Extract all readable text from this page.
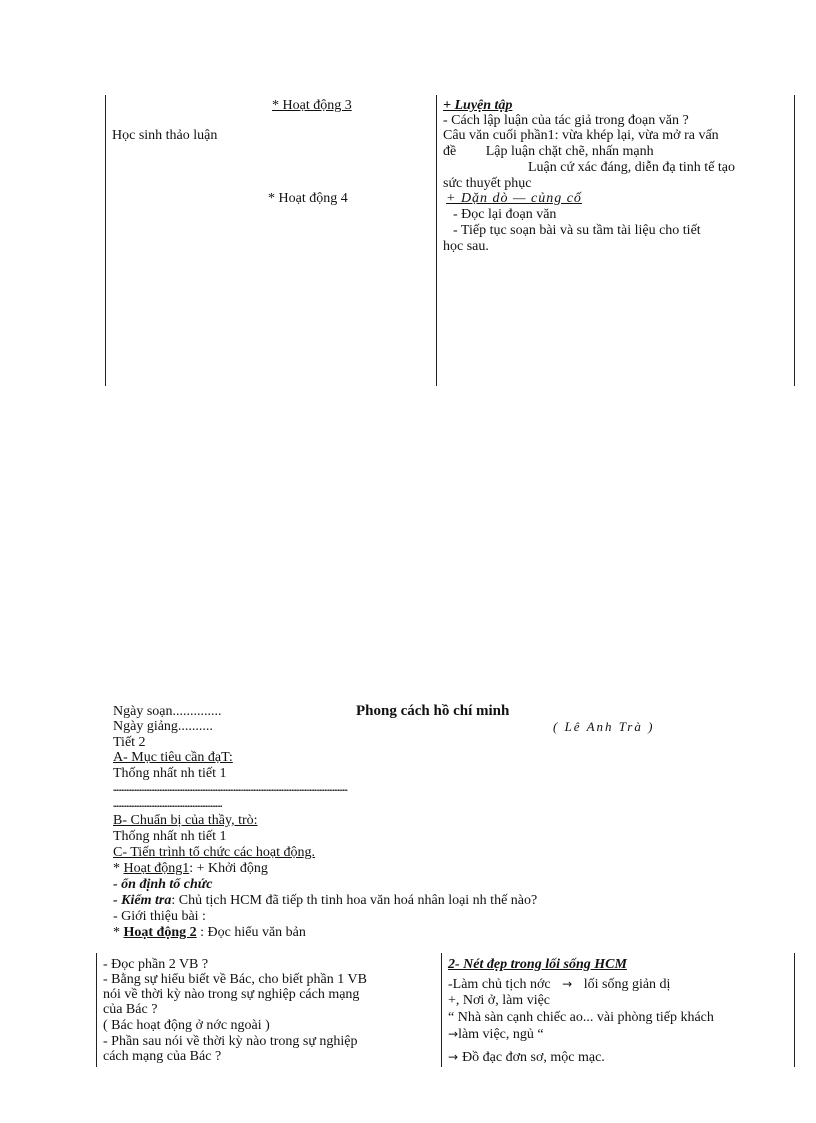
* Hoạt động 3
Học sinh thảo luận
* Hoạt động 4
+ Luyện tập
- Cách lập luận của tác giả trong đoạn văn ?
Câu văn cuối phần1: vừa khép lại, vừa mở ra vấn
đề Lập luận chặt chẽ, nhấn mạnh
Luận cứ xác đáng, diễn đạ tinh tế tạo
sức thuyết phục
+ Dặn dò — củng cố
- Đọc lại đoạn văn
- Tiếp tục soạn bài và su tầm tài liệu cho tiết
học sau.
Ngày soạn..............	Phong cách hồ chí minh
Ngày giảng..........	( Lê Anh Trà )
Tiết 2
A- Mục tiêu cần đạT:
Thống nhất nh tiết 1
..............................................................................................................................................
..................................................................
B- Chuẩn bị của thầy, trò:
Thống nhất nh tiết 1
C- Tiến trình tổ chức các hoạt động.
* Hoạt động1: + Khởi động
- ổn định tổ chức
- Kiểm tra: Chủ tịch HCM đã tiếp th tinh hoa văn hoá nhân loại nh thế nào?
- Giới thiệu bài :
* Hoạt động 2 : Đọc hiểu văn bản
- Đọc phần 2 VB ?
- Bằng sự hiểu biết về Bác, cho biết phần 1 VB
nói về thời kỳ nào trong sự nghiệp cách mạng
của Bác ?
( Bác hoạt động ở nớc ngoài )
- Phần sau nói về thời kỳ nào trong sự nghiệp
cách mạng của Bác ?
2- Nét đẹp trong lối sống HCM
-Làm chủ tịch nớc → lối sống giản dị
+, Nơi ở, làm việc
“ Nhà sàn cạnh chiếc ao... vài phòng tiếp khách
→làm việc, ngủ “
→ Đồ đạc đơn sơ, mộc mạc.
